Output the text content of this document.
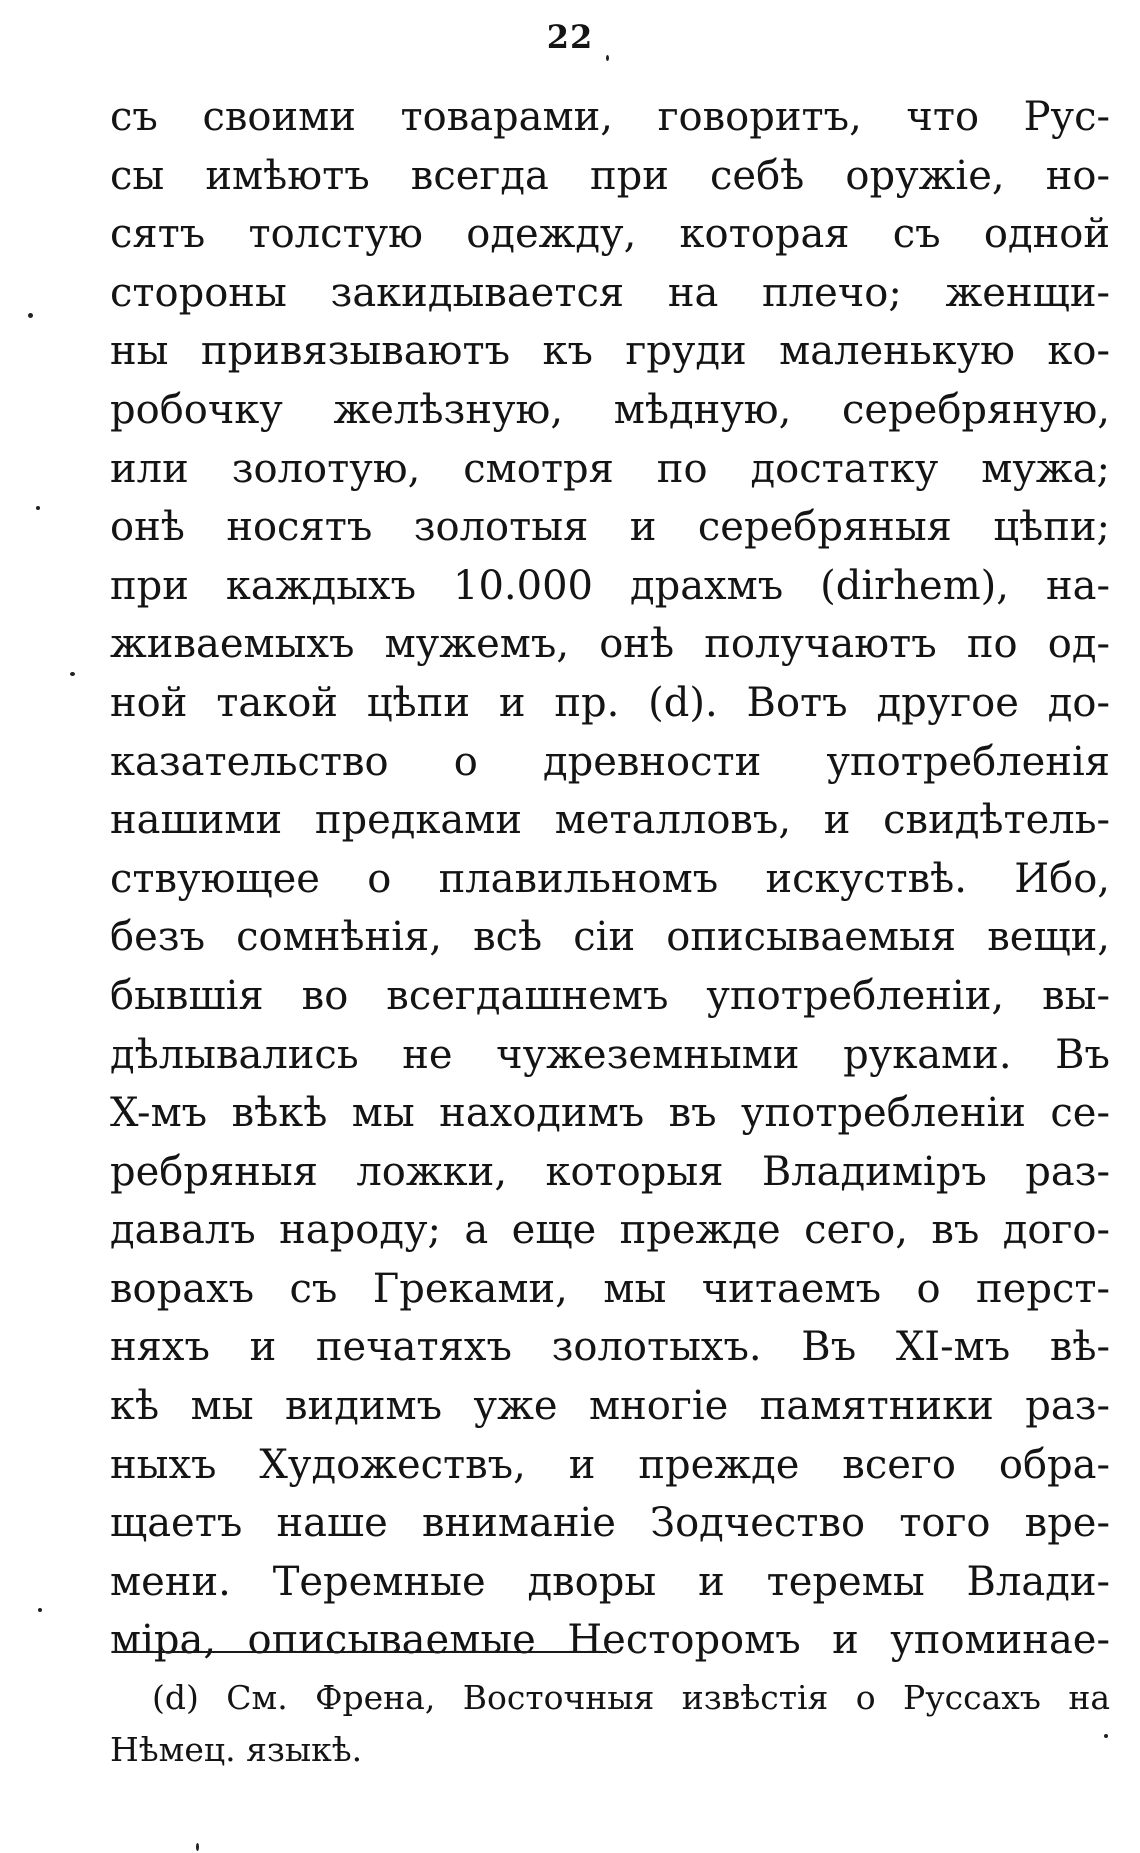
22
съ своими товарами, говоритъ, что Рус-
сы имѣютъ всегда при себѣ оружіе, но-
сятъ толстую одежду, которая съ одной
стороны закидывается на плечо; женщи-
ны привязываютъ къ груди маленькую ко-
робочку желѣзную, мѣдную, серебряную,
или золотую, смотря по достатку мужа;
онѣ носятъ золотыя и серебряныя цѣпи;
при каждыхъ 10.000 драхмъ (dirhem), на-
живаемыхъ мужемъ, онѣ получаютъ по од-
ной такой цѣпи и пр. (d). Вотъ другое до-
казательство о древности употребленія
нашими предками металловъ, и свидѣтель-
ствующее о плавильномъ искуствѣ. Ибо,
безъ сомнѣнія, всѣ сіи описываемыя вещи,
бывшія во всегдашнемъ употребленіи, вы-
дѣлывались не чужеземными руками. Въ
X-мъ вѣкѣ мы находимъ въ употребленіи се-
ребряныя ложки, которыя Владиміръ раз-
давалъ народу; а еще прежде сего, въ дого-
ворахъ съ Греками, мы читаемъ о перст-
няхъ и печатяхъ золотыхъ. Въ XI-мъ вѣ-
кѣ мы видимъ уже многіе памятники раз-
ныхъ Художествъ, и прежде всего обра-
щаетъ наше вниманіе Зодчество того вре-
мени. Теремные дворы и теремы Влади-
міра, описываемые Несторомъ и упоминае-
(d) См. Френа, Восточныя извѣстія о Руссахъ на
Нѣмец. языкѣ.
